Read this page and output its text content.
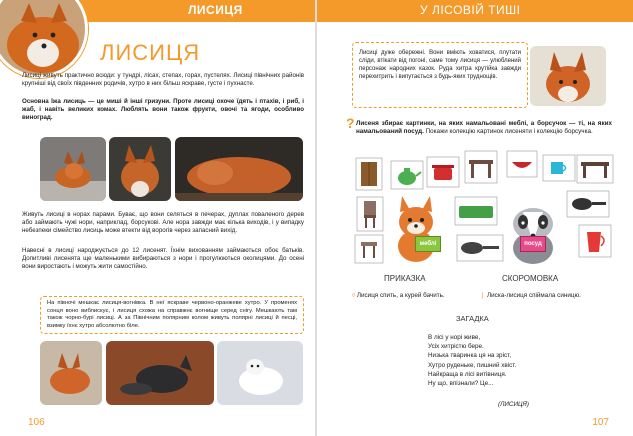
ЛИСИЦЯ	У ЛІСОВІЙ ТИШІ
ЛИСИЦЯ

Лисиці живуть практично всюди: у тундрі, лісах, степах, горах, пустелях. Лисиці північних районів крупніші від своїх південних родичів, хутро в них більш яскраве, густе і пухнасте.

Основна їжа лисиць — це миші й інші гризуни. Проте лисиці охоче їдять і птахів, і риб, і жаб, і навіть великих комах. Люблять вони також фрукти, овочі та ягоди, особливо виноград.

Живуть лисиці в норах парами. Буває, що вони селяться в печерах, дуплах поваленого дерев або займають чужі нори, наприклад, борсукові. Але нора завжди має кілька виходів, і у випадку небезпеки сімейство лисиць може втекти від ворогів через запасний вихід.

Навесні в лисиці народжується до 12 лисенят. Їхнім вихованням займаються обоє батьків. Допитливі лисенята ще маленькими вибираються з нори і прогулюються околицями. До осені вони виростають і можуть жити самостійно.

На півночі мешкає лисиця-вогнівка. В неї яскраве червоно-оранжеве хутро. У променях сонця воно виблискує, і лисиця схожа на справжнє вогнище серед снігу. Мешкають там також чорно-бурі лисиці. А за Північним полярним колом живуть полярні лисиці й песці, взимку їхнє хутро абсолютно біле.

106

Лисиці дуже обережні. Вони вміють ховатися, плутати сліди, втікати від погоні, саме тому лисиця — улюблений персонаж народних казок. Руда хитра крутійка завжди перехитрить і випутається з будь-яких труднощів.

? Лисеня збирає картинки, на яких намальовані меблі, а борсучок — ті, на яких намальований посуд. Покажи колекцію картинок лисеняти і колекцію борсучка.

меблі	посуд
ПРИКАЗКА	СКОРОМОВКА
◊ Лисиця спить, а курей бачить.	❘ Лиска-лисиця спіймала синицю.
ЗАГАДКА
В лісі у норі живе,
Усіх хитрістю бере.
Низька тваринка ця на зріст,
Хутро руденьке, пишний хвіст.
Найкраща в лісі витівниця.
Ну що, впізнали? Це...
(ЛИСИЦЯ)
107
